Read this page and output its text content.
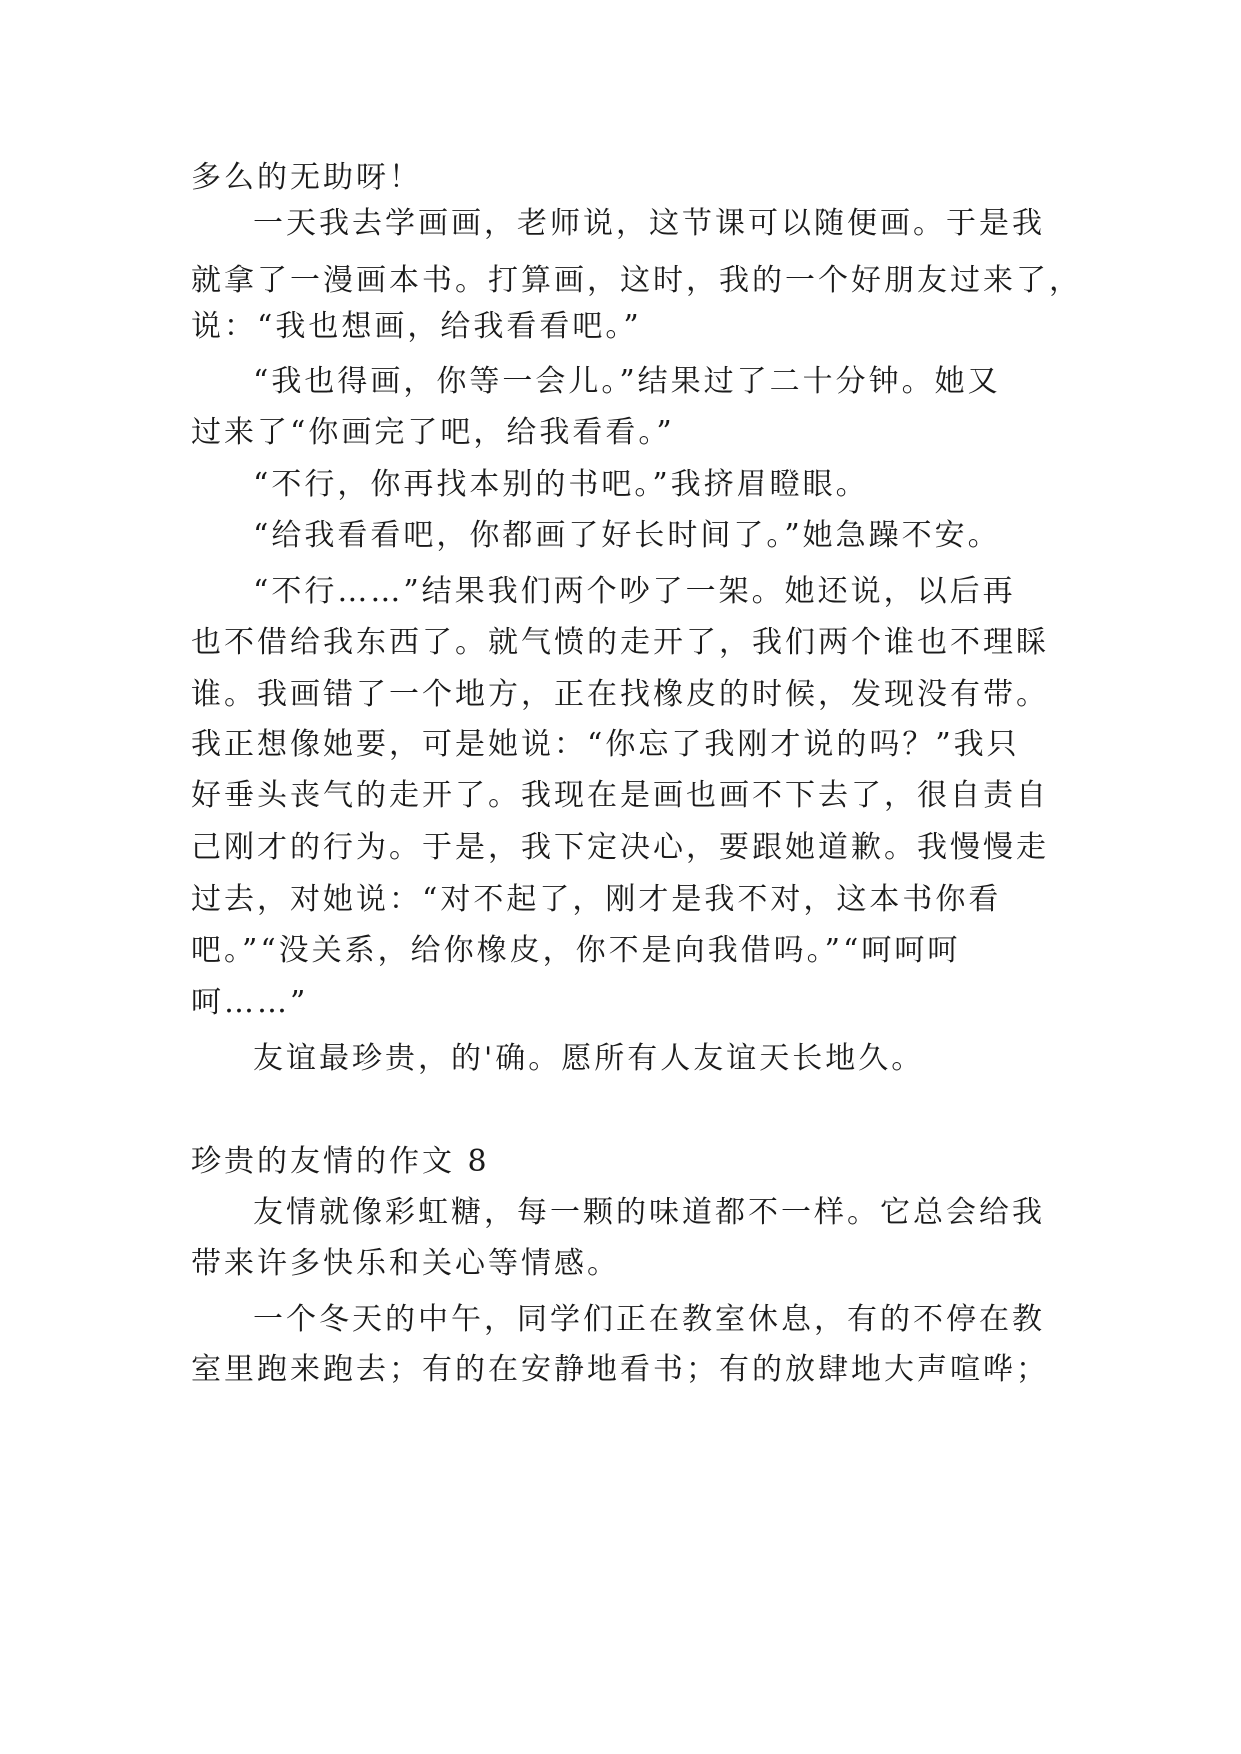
多么的无助呀！
一天我去学画画，老师说，这节课可以随便画。于是我
就拿了一漫画本书。打算画，这时，我的一个好朋友过来了，
说：“我也想画，给我看看吧。”
“我也得画，你等一会儿。”结果过了二十分钟。她又
过来了“你画完了吧，给我看看。”
“不行，你再找本别的书吧。”我挤眉瞪眼。
“给我看看吧，你都画了好长时间了。”她急躁不安。
“不行……”结果我们两个吵了一架。她还说，以后再
也不借给我东西了。就气愤的走开了，我们两个谁也不理睬
谁。我画错了一个地方，正在找橡皮的时候，发现没有带。
我正想像她要，可是她说：“你忘了我刚才说的吗？”我只
好垂头丧气的走开了。我现在是画也画不下去了，很自责自
己刚才的行为。于是，我下定决心，要跟她道歉。我慢慢走
过去，对她说：“对不起了，刚才是我不对，这本书你看
吧。”“没关系，给你橡皮，你不是向我借吗。”“呵呵呵
呵……”
友谊最珍贵，的'确。愿所有人友谊天长地久。
珍贵的友情的作文 8
友情就像彩虹糖，每一颗的味道都不一样。它总会给我
带来许多快乐和关心等情感。
一个冬天的中午，同学们正在教室休息，有的不停在教
室里跑来跑去；有的在安静地看书；有的放肆地大声喧哗；
